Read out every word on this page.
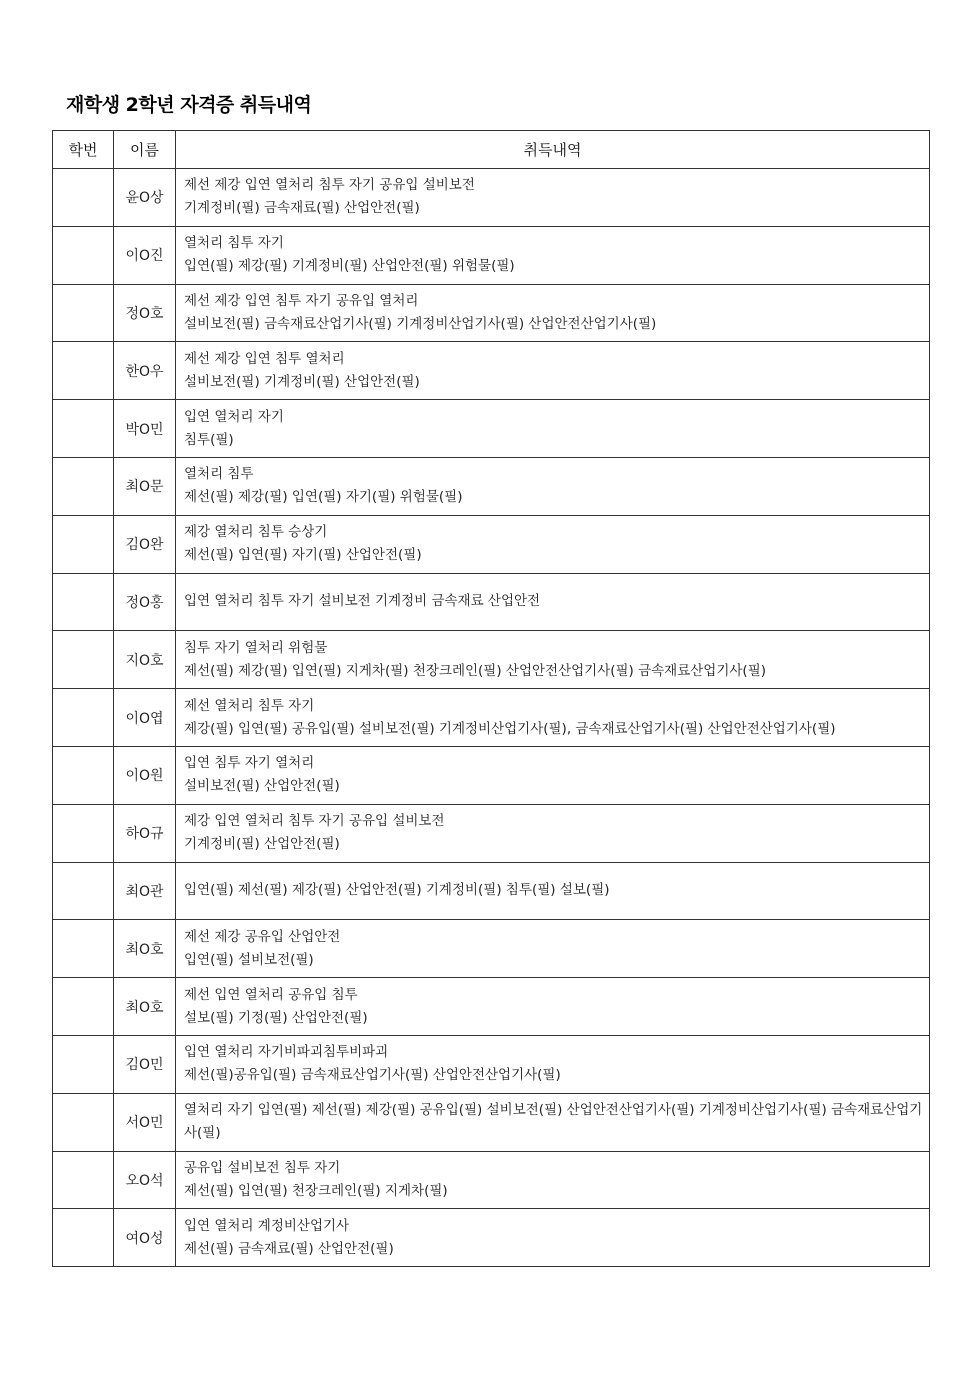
재학생 2학년 자격증 취득내역
학번	이름	취득내역
	윤O상	제선 제강 입연 열처리 침투 자기 공유입 설비보전
기계정비(필) 금속재료(필) 산업안전(필)

	이O진	열처리 침투 자기
입연(필) 제강(필) 기계정비(필) 산업안전(필) 위험물(필)

	정O호	제선 제강 입연 침투 자기 공유입 열처리
설비보전(필) 금속재료산업기사(필) 기계정비산업기사(필) 산업안전산업기사(필)

	한O우	제선 제강 입연 침투 열처리
설비보전(필) 기계정비(필) 산업안전(필)

	박O민	입연 열처리 자기
침투(필)

	최O문	열처리 침투
제선(필) 제강(필) 입연(필) 자기(필) 위험물(필)

	김O완	제강 열처리 침투 승상기
제선(필) 입연(필) 자기(필) 산업안전(필)

	정O홍	입연 열처리 침투 자기 설비보전 기계정비 금속재료 산업안전

	지O호	침투 자기 열처리 위험물
제선(필) 제강(필) 입연(필) 지게차(필) 천장크레인(필) 산업안전산업기사(필) 금속재료산업기사(필)

	이O엽	제선 열처리 침투 자기
제강(필) 입연(필) 공유입(필) 설비보전(필) 기계정비산업기사(필), 금속재료산업기사(필) 산업안전산업기사(필)

	이O원	입연 침투 자기 열처리
설비보전(필) 산업안전(필)

	하O규	제강 입연 열처리 침투 자기 공유입 설비보전
기계정비(필) 산업안전(필)

	최O관	입연(필) 제선(필) 제강(필) 산업안전(필) 기계정비(필) 침투(필) 설보(필)

	최O호	제선 제강 공유입 산업안전
입연(필) 설비보전(필)

	최O호	제선 입연 열처리 공유입 침투
설보(필) 기정(필) 산업안전(필)

	김O민	입연 열처리 자기비파괴침투비파괴
제선(필)공유입(필) 금속재료산업기사(필) 산업안전산업기사(필)

	서O민	열처리 자기 입연(필) 제선(필) 제강(필) 공유입(필) 설비보전(필) 산업안전산업기사(필) 기계정비산업기사(필) 금속재료산업기사(필)

	오O석	공유입 설비보전 침투 자기
제선(필) 입연(필) 천장크레인(필) 지게차(필)

	여O성	입연 열처리 계정비산업기사
제선(필) 금속재료(필) 산업안전(필)
